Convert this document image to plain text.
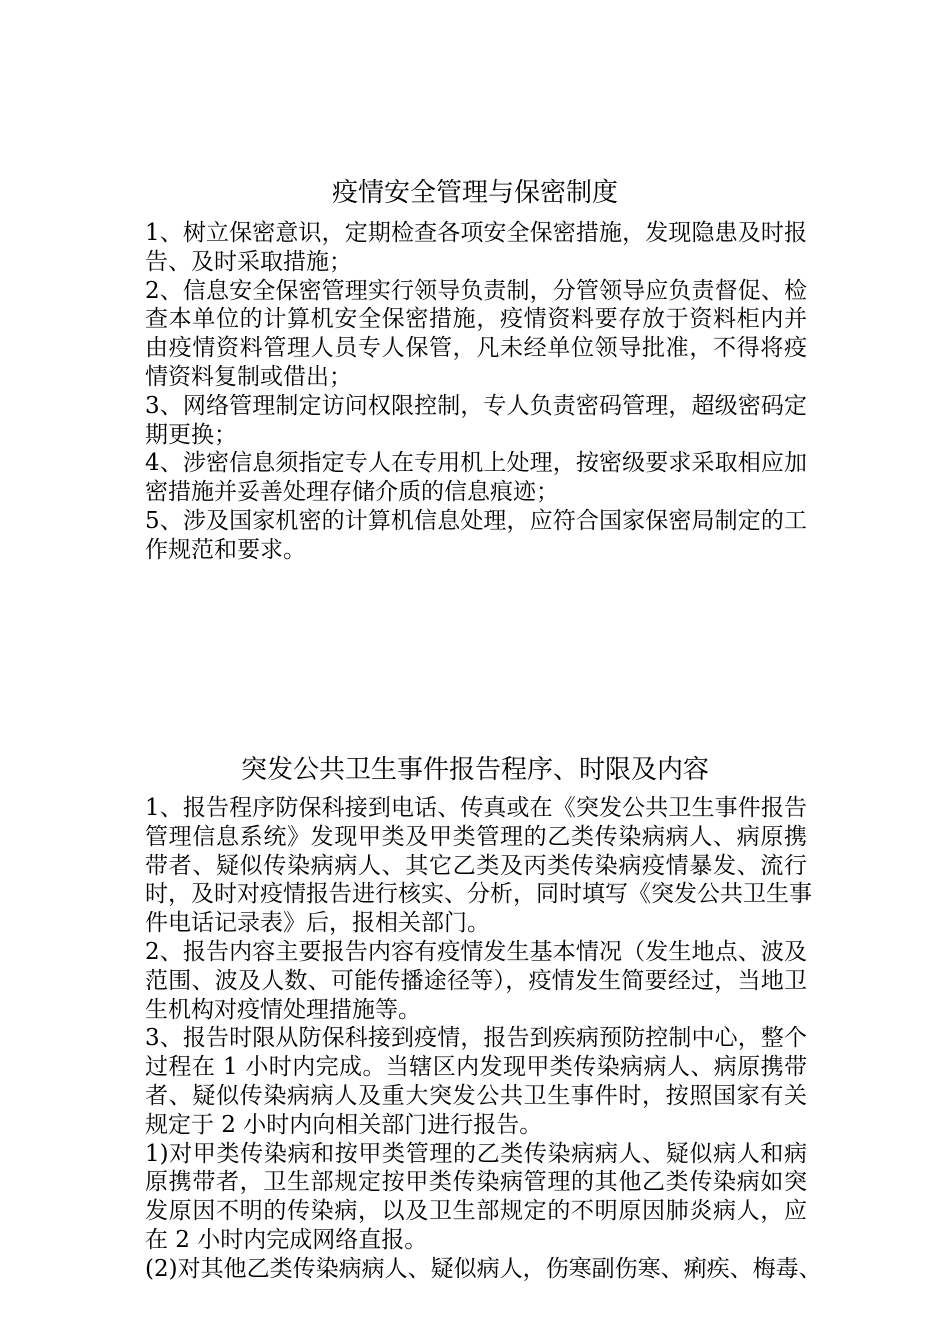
疫情安全管理与保密制度
1、树立保密意识，定期检查各项安全保密措施，发现隐患及时报
告、及时采取措施；
2、信息安全保密管理实行领导负责制，分管领导应负责督促、检
查本单位的计算机安全保密措施，疫情资料要存放于资料柜内并
由疫情资料管理人员专人保管，凡未经单位领导批准，不得将疫
情资料复制或借出；
3、网络管理制定访问权限控制，专人负责密码管理，超级密码定
期更换；
4、涉密信息须指定专人在专用机上处理，按密级要求采取相应加
密措施并妥善处理存储介质的信息痕迹；
5、涉及国家机密的计算机信息处理，应符合国家保密局制定的工
作规范和要求。
突发公共卫生事件报告程序、时限及内容
1、报告程序防保科接到电话、传真或在《突发公共卫生事件报告
管理信息系统》发现甲类及甲类管理的乙类传染病病人、病原携
带者、疑似传染病病人、其它乙类及丙类传染病疫情暴发、流行
时，及时对疫情报告进行核实、分析，同时填写《突发公共卫生事
件电话记录表》后，报相关部门。
2、报告内容主要报告内容有疫情发生基本情况（发生地点、波及
范围、波及人数、可能传播途径等），疫情发生简要经过，当地卫
生机构对疫情处理措施等。
3、报告时限从防保科接到疫情，报告到疾病预防控制中心，整个
过程在 1 小时内完成。当辖区内发现甲类传染病病人、病原携带
者、疑似传染病病人及重大突发公共卫生事件时，按照国家有关
规定于 2 小时内向相关部门进行报告。
1)对甲类传染病和按甲类管理的乙类传染病病人、疑似病人和病
原携带者，卫生部规定按甲类传染病管理的其他乙类传染病如突
发原因不明的传染病，以及卫生部规定的不明原因肺炎病人，应
在 2 小时内完成网络直报。
(2)对其他乙类传染病病人、疑似病人，伤寒副伤寒、痢疾、梅毒、
